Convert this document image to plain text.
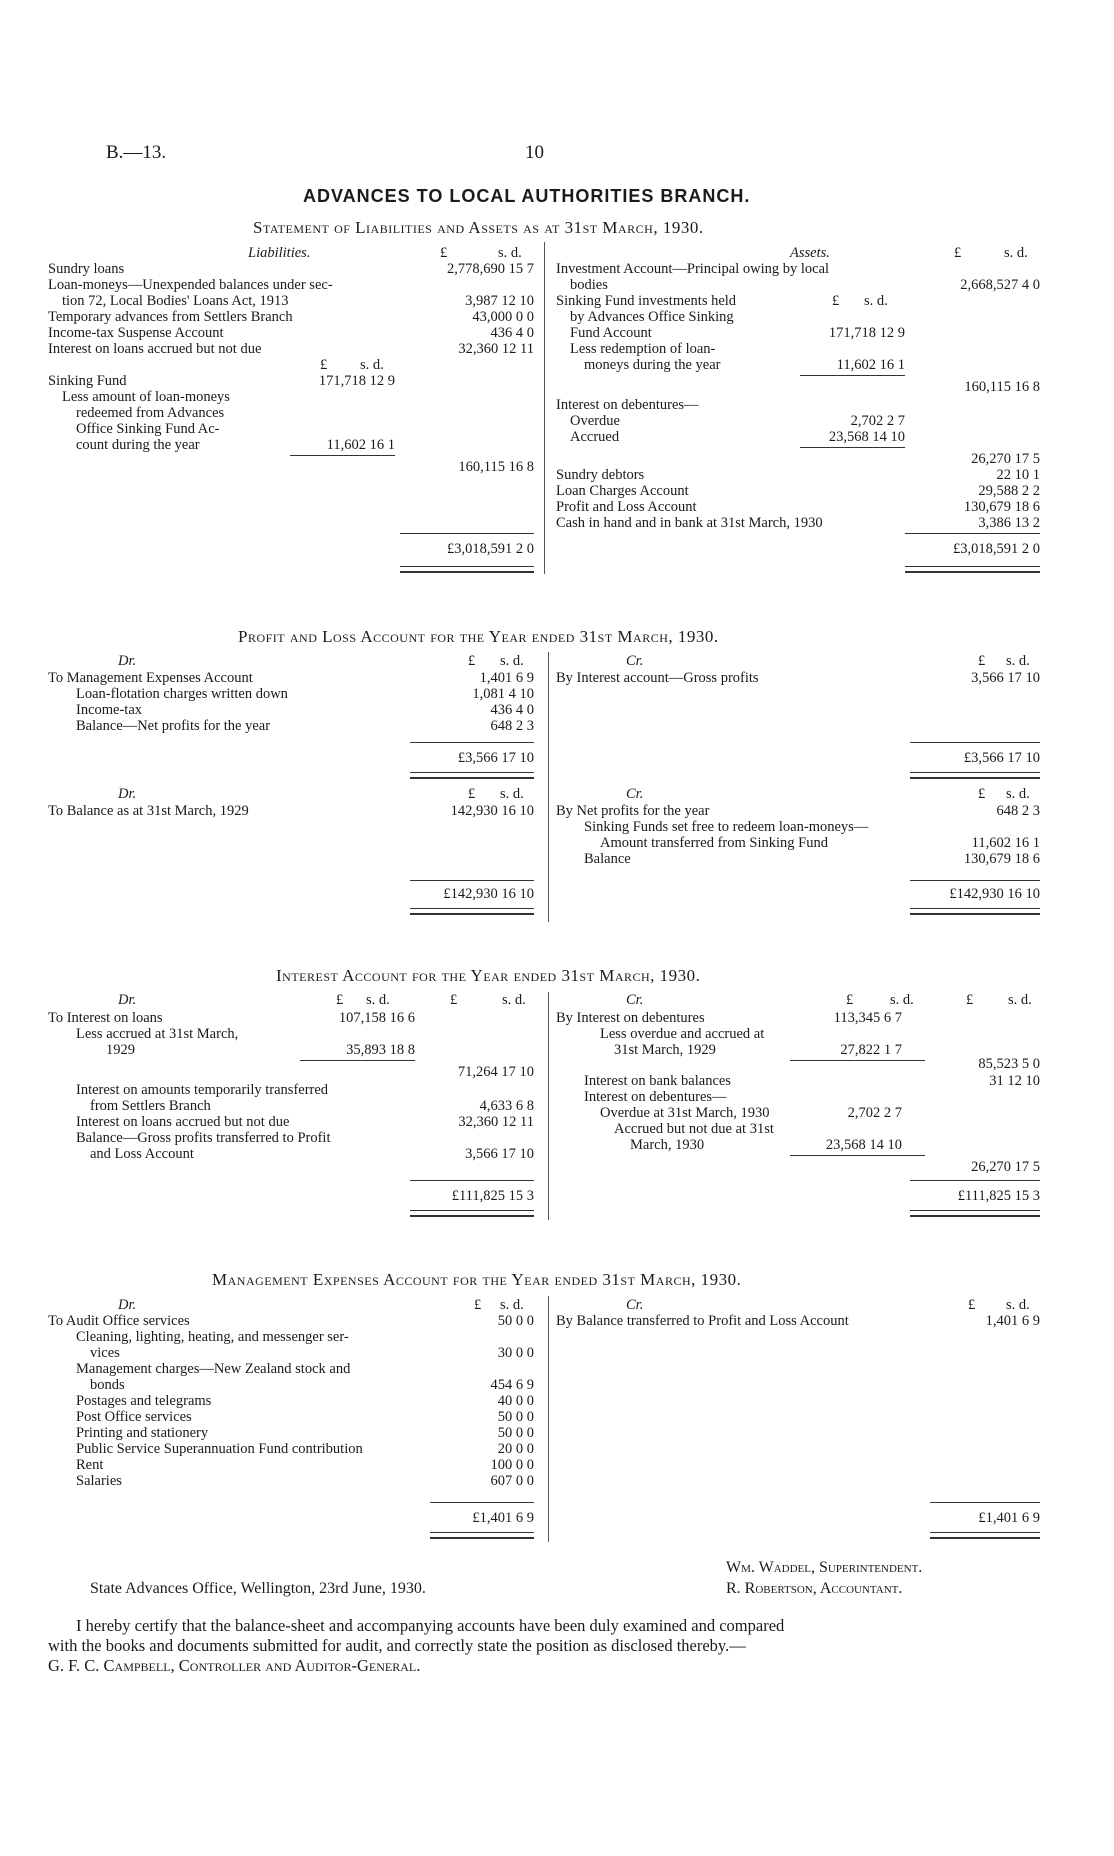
B.—13.	10
ADVANCES TO LOCAL AUTHORITIES BRANCH.
Statement of Liabilities and Assets as at 31st March, 1930.
Liabilities.	£	s. d.
Sundry loans	2,778,690 15 7
Loan-moneys—Unexpended balances under sec-
tion 72, Local Bodies' Loans Act, 1913	3,987 12 10
Temporary advances from Settlers Branch	43,000 0 0
Income-tax Suspense Account	436 4 0
Interest on loans accrued but not due	32,360 12 11
£ s. d.
Sinking Fund	171,718 12 9
Less amount of loan-moneys
redeemed from Advances
Office Sinking Fund Ac-
count during the year	11,602 16 1
160,115 16 8
£3,018,591 2 0
Assets.	£	s. d.
Investment Account—Principal owing by local
bodies	2,668,527 4 0
Sinking Fund investments held	£ s. d.
by Advances Office Sinking
Fund Account	171,718 12 9
Less redemption of loan-
moneys during the year	11,602 16 1
160,115 16 8
Interest on debentures—
Overdue	2,702 2 7
Accrued	23,568 14 10
26,270 17 5
Sundry debtors	22 10 1
Loan Charges Account	29,588 2 2
Profit and Loss Account	130,679 18 6
Cash in hand and in bank at 31st March, 1930	3,386 13 2
£3,018,591 2 0
Profit and Loss Account for the Year ended 31st March, 1930.
Dr.	£ s. d.	Cr.	£ s. d.
To Management Expenses Account	1,401 6 9
Loan-flotation charges written down	1,081 4 10
Income-tax	436 4 0
Balance—Net profits for the year	648 2 3
£3,566 17 10
By Interest account—Gross profits	3,566 17 10
£3,566 17 10
Dr.	£ s. d.	Cr.	£ s. d.
To Balance as at 31st March, 1929	142,930 16 10
£142,930 16 10
By Net profits for the year	648 2 3
Sinking Funds set free to redeem loan-moneys—
Amount transferred from Sinking Fund	11,602 16 1
Balance	130,679 18 6
£142,930 16 10
Interest Account for the Year ended 31st March, 1930.
Dr.	£ s. d.	£	s. d.	Cr.	£	s. d.	£ s. d.
To Interest on loans	107,158 16 6
Less accrued at 31st March,
1929	35,893 18 8
71,264 17 10
Interest on amounts temporarily transferred
from Settlers Branch	4,633 6 8
Interest on loans accrued but not due	32,360 12 11
Balance—Gross profits transferred to Profit
and Loss Account	3,566 17 10
£111,825 15 3
By Interest on debentures	113,345 6 7
Less overdue and accrued at
31st March, 1929	27,822 1 7
85,523 5 0
Interest on bank balances	31 12 10
Interest on debentures—
Overdue at 31st March, 1930	2,702 2 7
Accrued but not due at 31st
March, 1930	23,568 14 10
26,270 17 5
£111,825 15 3
Management Expenses Account for the Year ended 31st March, 1930.
Dr.	£ s. d.	Cr.	£ s. d.
To Audit Office services	50 0 0
Cleaning, lighting, heating, and messenger ser-
vices	30 0 0
Management charges—New Zealand stock and
bonds	454 6 9
Postages and telegrams	40 0 0
Post Office services	50 0 0
Printing and stationery	50 0 0
Public Service Superannuation Fund contribution	20 0 0
Rent	100 0 0
Salaries	607 0 0
£1,401 6 9
By Balance transferred to Profit and Loss Account	1,401 6 9
£1,401 6 9
State Advances Office, Wellington, 23rd June, 1930.
Wm. Waddel, Superintendent.
R. Robertson, Accountant.
I hereby certify that the balance-sheet and accompanying accounts have been duly examined and compared
with the books and documents submitted for audit, and correctly state the position as disclosed thereby.—
G. F. C. Campbell, Controller and Auditor-General.
